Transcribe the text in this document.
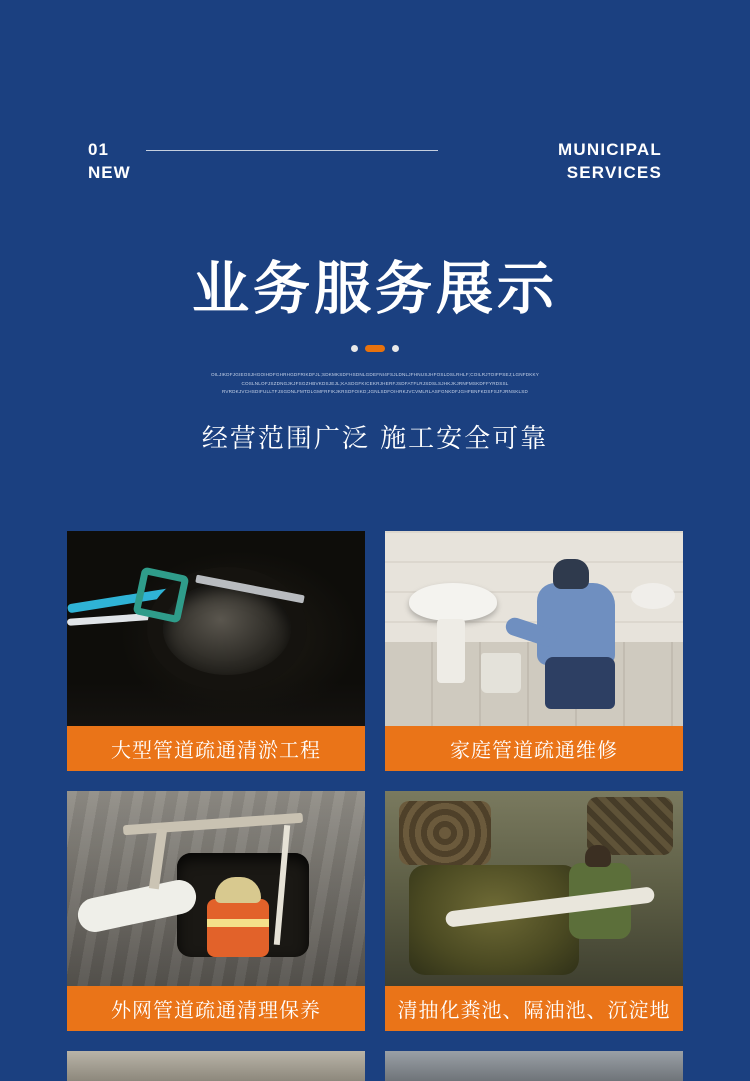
01
NEW
MUNICIPAL
SERVICES
业务服务展示
OILJIKDFJGIEOSJHGOIHDFGHRHGDFRIKDFJL;SDKMKSDFHSDNLGDEFNI4FSJLDNLJFHNUSJHFOSLDSLRHLF;COILRJTOIFPSEJ;LGNFDKKY
COSLNLOFJSZDNGJKJFSGZHBVKDSJEJL;KASDGFKICEKRJHERFJSDFATFLRJSDSLSJHKJKJRNFMSKDFFYRDSSL
RVRDKJVCHSDIFULLTFJSGDNLFMTDLGMFRFIKJKRSDFOIKD;JGNLSDFOIHRKJVCVMLRLASFGNKDFJGHFBNFKDSFSJFJRNSKLSD
经营范围广泛 施工安全可靠
大型管道疏通清淤工程	家庭管道疏通维修
外网管道疏通清理保养	清抽化粪池、隔油池、沉淀地
